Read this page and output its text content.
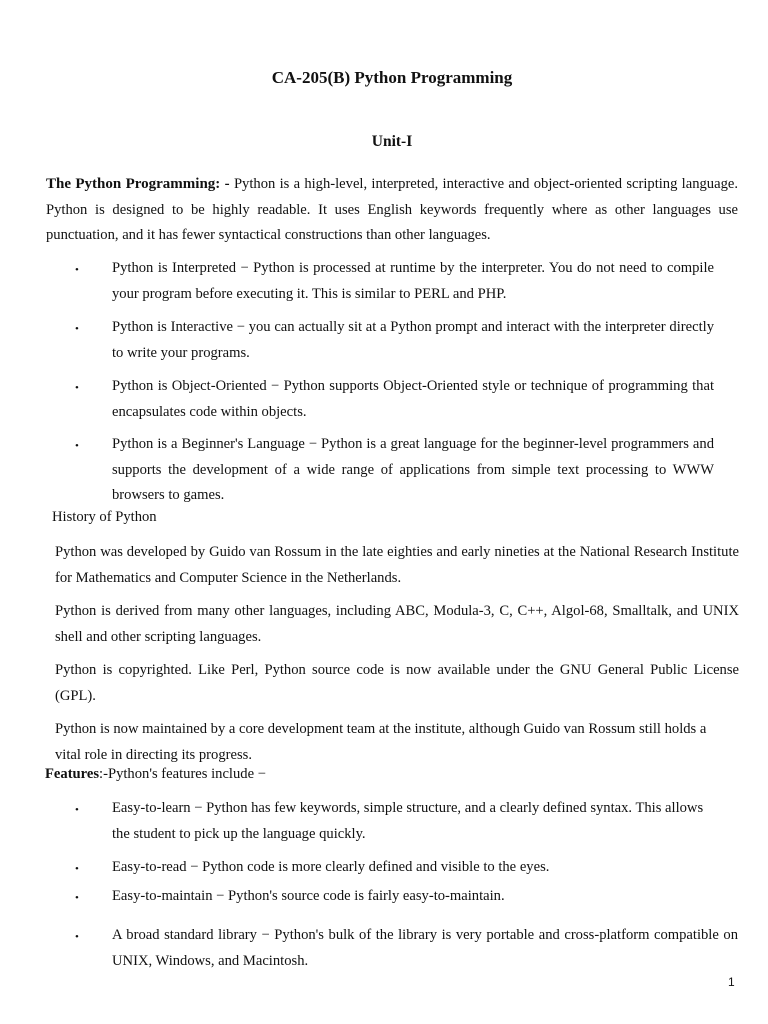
CA-205(B) Python Programming
Unit-I
The Python Programming: - Python is a high-level, interpreted, interactive and object-oriented scripting language. Python is designed to be highly readable. It uses English keywords frequently where as other languages use punctuation, and it has fewer syntactical constructions than other languages.
• Python is Interpreted − Python is processed at runtime by the interpreter. You do not need to compile your program before executing it. This is similar to PERL and PHP.
• Python is Interactive − you can actually sit at a Python prompt and interact with the interpreter directly to write your programs.
• Python is Object-Oriented − Python supports Object-Oriented style or technique of programming that encapsulates code within objects.
• Python is a Beginner's Language − Python is a great language for the beginner-level programmers and supports the development of a wide range of applications from simple text processing to WWW browsers to games.
History of Python
Python was developed by Guido van Rossum in the late eighties and early nineties at the National Research Institute for Mathematics and Computer Science in the Netherlands.
Python is derived from many other languages, including ABC, Modula-3, C, C++, Algol-68, Smalltalk, and UNIX shell and other scripting languages.
Python is copyrighted. Like Perl, Python source code is now available under the GNU General Public License (GPL).
Python is now maintained by a core development team at the institute, although Guido van Rossum still holds a vital role in directing its progress.
Features:-Python's features include −
• Easy-to-learn − Python has few keywords, simple structure, and a clearly defined syntax. This allows the student to pick up the language quickly.
• Easy-to-read − Python code is more clearly defined and visible to the eyes.
• Easy-to-maintain − Python's source code is fairly easy-to-maintain.
• A broad standard library − Python's bulk of the library is very portable and cross-platform compatible on UNIX, Windows, and Macintosh.
1
